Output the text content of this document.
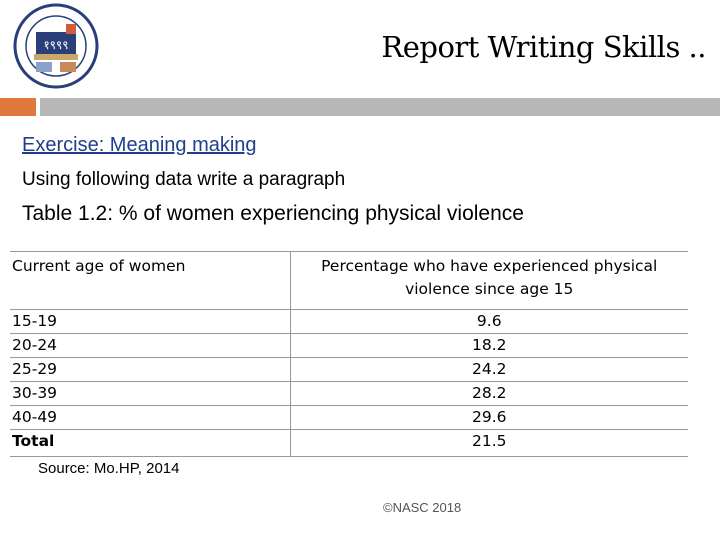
१९९९	Report Writing Skills ..
Exercise: Meaning making
Using following data write a paragraph
Table 1.2: % of women experiencing physical violence
Current age of women	Percentage who have experienced physical violence since age 15
15-19	9.6
20-24	18.2
25-29	24.2
30-39	28.2
40-49	29.6
Total	21.5
Source: Mo.HP, 2014
©NASC 2018
